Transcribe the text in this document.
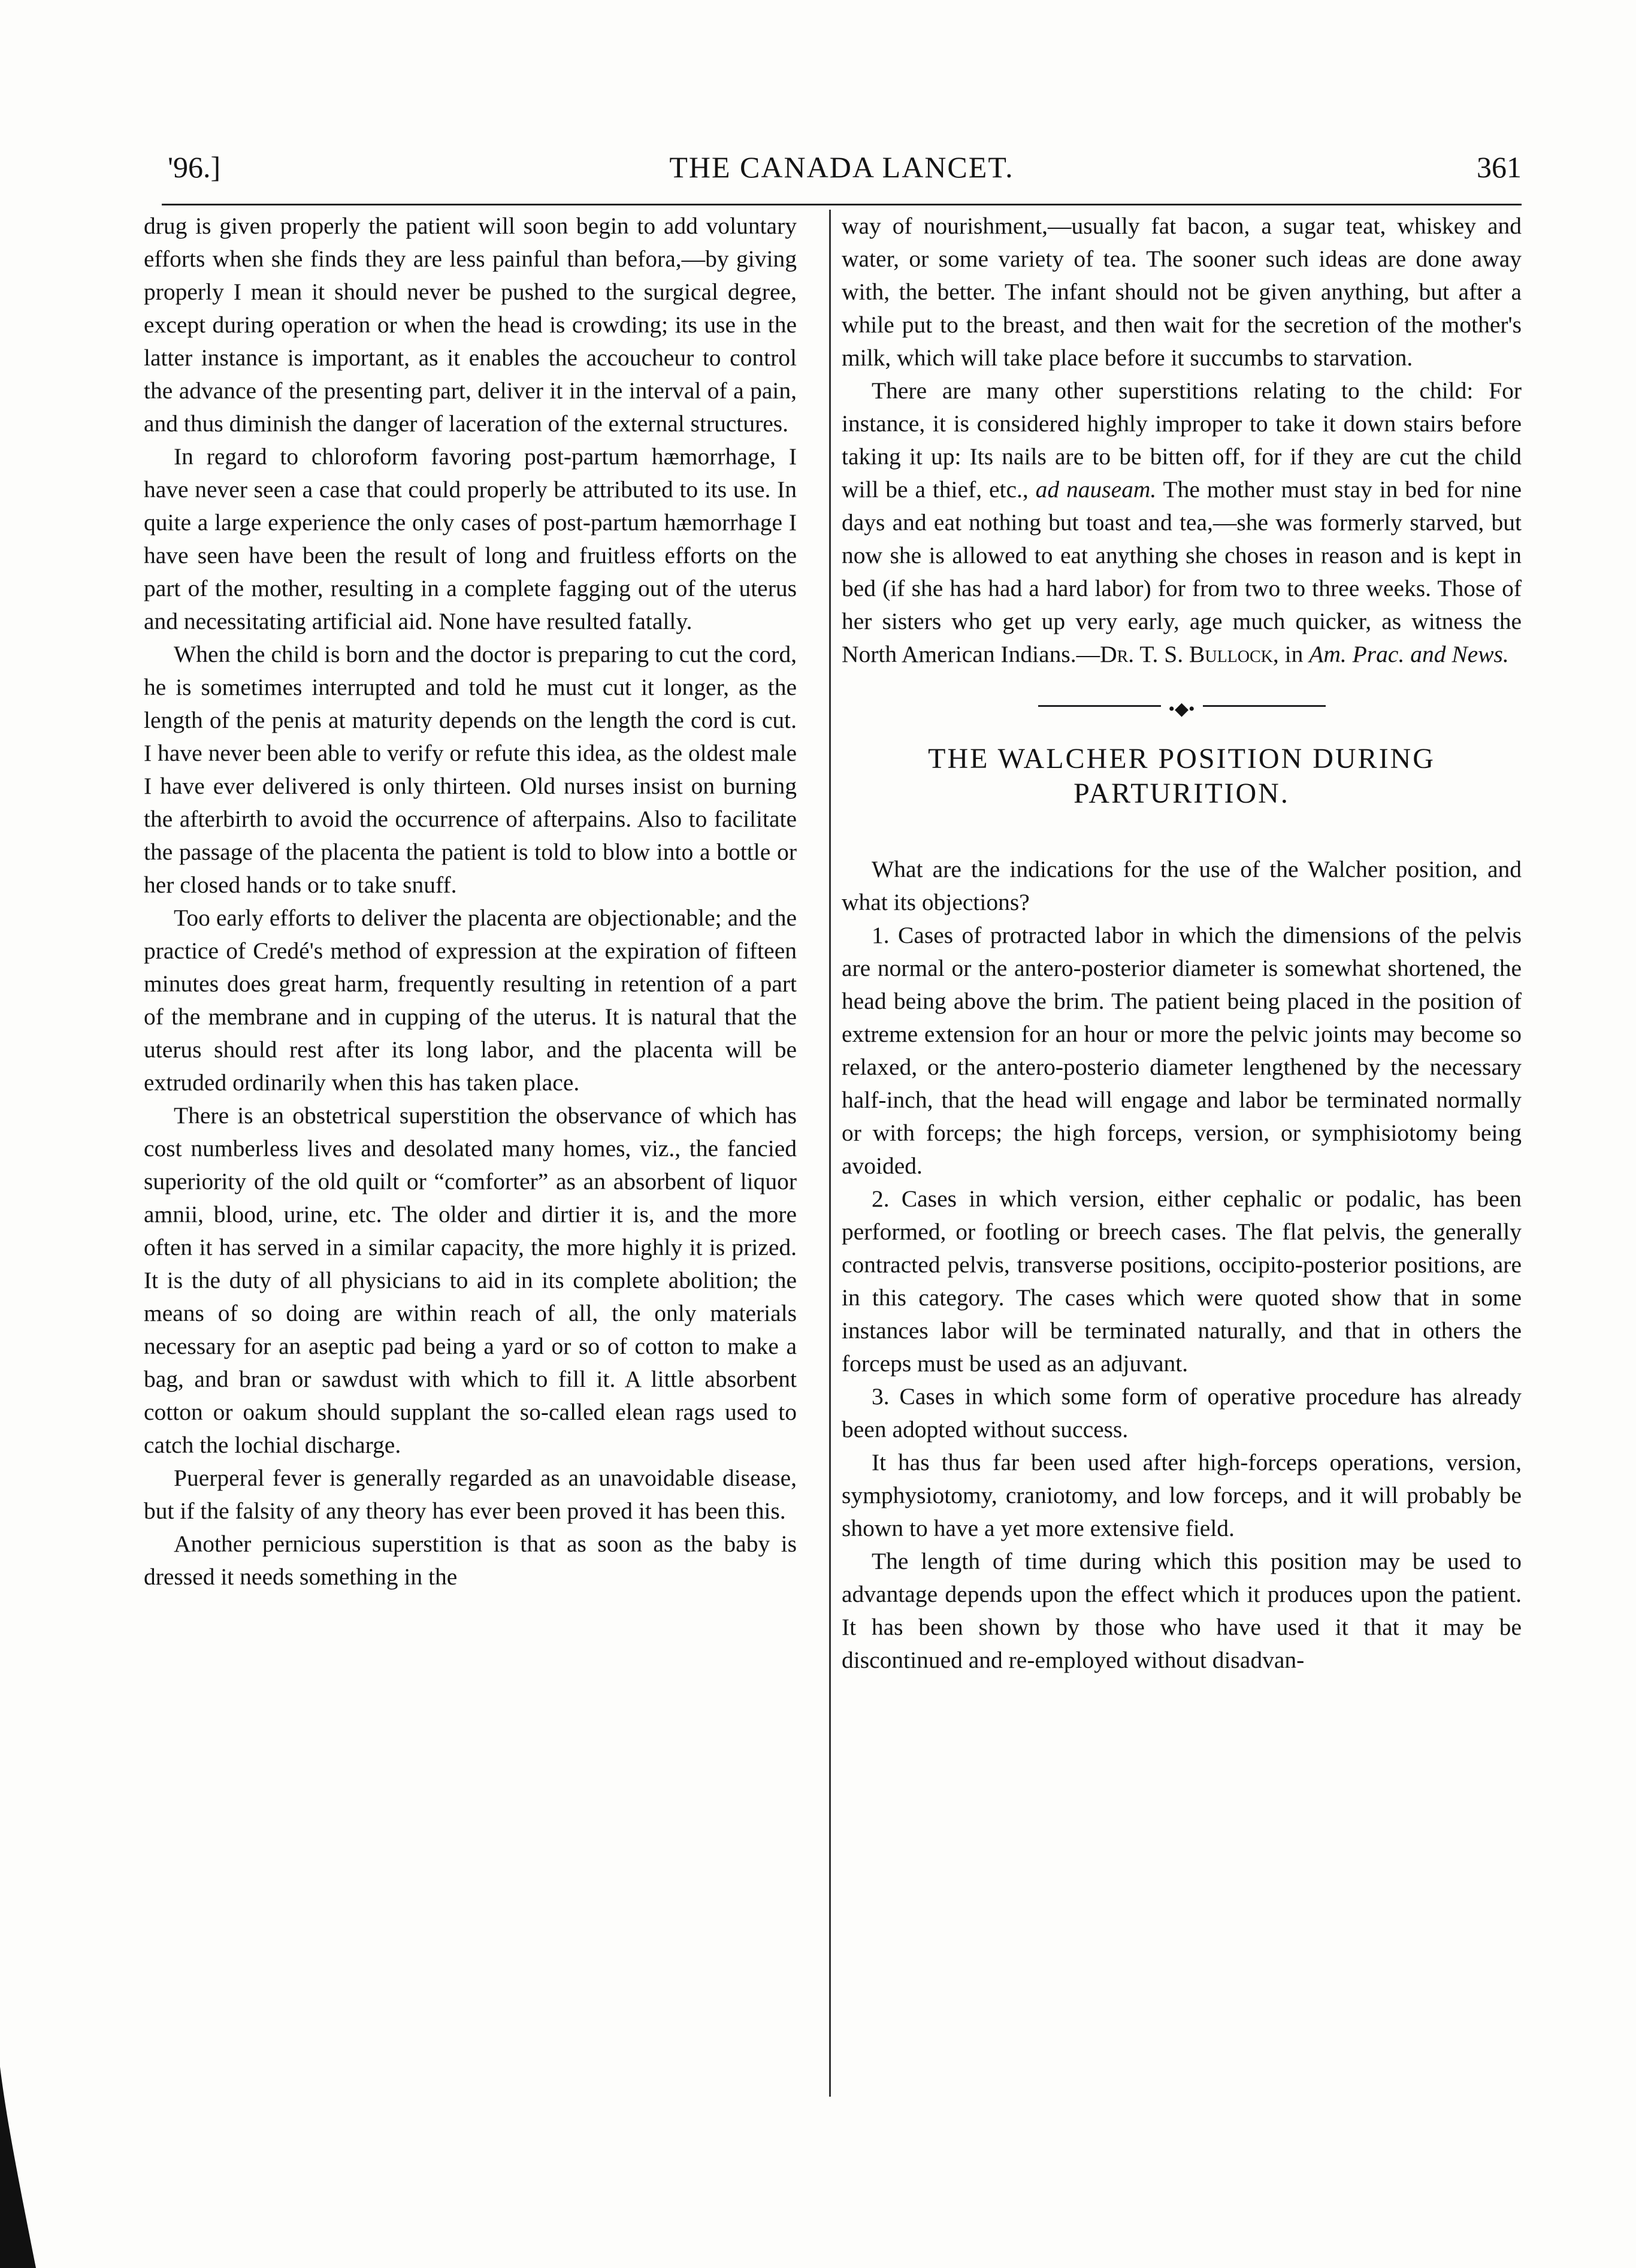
'96.]	THE CANADA LANCET.	361

drug is given properly the patient will soon begin to add voluntary efforts when she finds they are less painful than befora,—by giving properly I mean it should never be pushed to the surgical degree, except during operation or when the head is crowding; its use in the latter instance is important, as it enables the accoucheur to control the advance of the presenting part, deliver it in the interval of a pain, and thus diminish the danger of laceration of the external structures.

In regard to chloroform favoring post-partum hæmorrhage, I have never seen a case that could properly be attributed to its use. In quite a large experience the only cases of post-partum hæmorrhage I have seen have been the result of long and fruitless efforts on the part of the mother, resulting in a complete fagging out of the uterus and necessitating artificial aid. None have resulted fatally.

When the child is born and the doctor is preparing to cut the cord, he is sometimes interrupted and told he must cut it longer, as the length of the penis at maturity depends on the length the cord is cut. I have never been able to verify or refute this idea, as the oldest male I have ever delivered is only thirteen. Old nurses insist on burning the afterbirth to avoid the occurrence of afterpains. Also to facilitate the passage of the placenta the patient is told to blow into a bottle or her closed hands or to take snuff.

Too early efforts to deliver the placenta are objectionable; and the practice of Credé's method of expression at the expiration of fifteen minutes does great harm, frequently resulting in retention of a part of the membrane and in cupping of the uterus. It is natural that the uterus should rest after its long labor, and the placenta will be extruded ordinarily when this has taken place.

There is an obstetrical superstition the observance of which has cost numberless lives and desolated many homes, viz., the fancied superiority of the old quilt or “comforter” as an absorbent of liquor amnii, blood, urine, etc. The older and dirtier it is, and the more often it has served in a similar capacity, the more highly it is prized. It is the duty of all physicians to aid in its complete abolition; the means of so doing are within reach of all, the only materials necessary for an aseptic pad being a yard or so of cotton to make a bag, and bran or sawdust with which to fill it. A little absorbent cotton or oakum should supplant the so-called elean rags used to catch the lochial discharge.

Puerperal fever is generally regarded as an unavoidable disease, but if the falsity of any theory has ever been proved it has been this.

Another pernicious superstition is that as soon as the baby is dressed it needs something in the

way of nourishment,—usually fat bacon, a sugar teat, whiskey and water, or some variety of tea. The sooner such ideas are done away with, the better. The infant should not be given anything, but after a while put to the breast, and then wait for the secretion of the mother's milk, which will take place before it succumbs to starvation.

There are many other superstitions relating to the child: For instance, it is considered highly improper to take it down stairs before taking it up: Its nails are to be bitten off, for if they are cut the child will be a thief, etc., ad nauseam. The mother must stay in bed for nine days and eat nothing but toast and tea,—she was formerly starved, but now she is allowed to eat anything she choses in reason and is kept in bed (if she has had a hard labor) for from two to three weeks. Those of her sisters who get up very early, age much quicker, as witness the North American Indians.—Dr. T. S. Bullock, in Am. Prac. and News.

•◆•
THE WALCHER POSITION DURING
PARTURITION.

What are the indications for the use of the Walcher position, and what its objections?

1. Cases of protracted labor in which the dimensions of the pelvis are normal or the antero-posterior diameter is somewhat shortened, the head being above the brim. The patient being placed in the position of extreme extension for an hour or more the pelvic joints may become so relaxed, or the antero-posterio diameter lengthened by the necessary half-inch, that the head will engage and labor be terminated normally or with forceps; the high forceps, version, or symphisiotomy being avoided.

2. Cases in which version, either cephalic or podalic, has been performed, or footling or breech cases. The flat pelvis, the generally contracted pelvis, transverse positions, occipito-posterior positions, are in this category. The cases which were quoted show that in some instances labor will be terminated naturally, and that in others the forceps must be used as an adjuvant.

3. Cases in which some form of operative procedure has already been adopted without success.

It has thus far been used after high-forceps operations, version, symphysiotomy, craniotomy, and low forceps, and it will probably be shown to have a yet more extensive field.

The length of time during which this position may be used to advantage depends upon the effect which it produces upon the patient. It has been shown by those who have used it that it may be discontinued and re-employed without disadvan-
